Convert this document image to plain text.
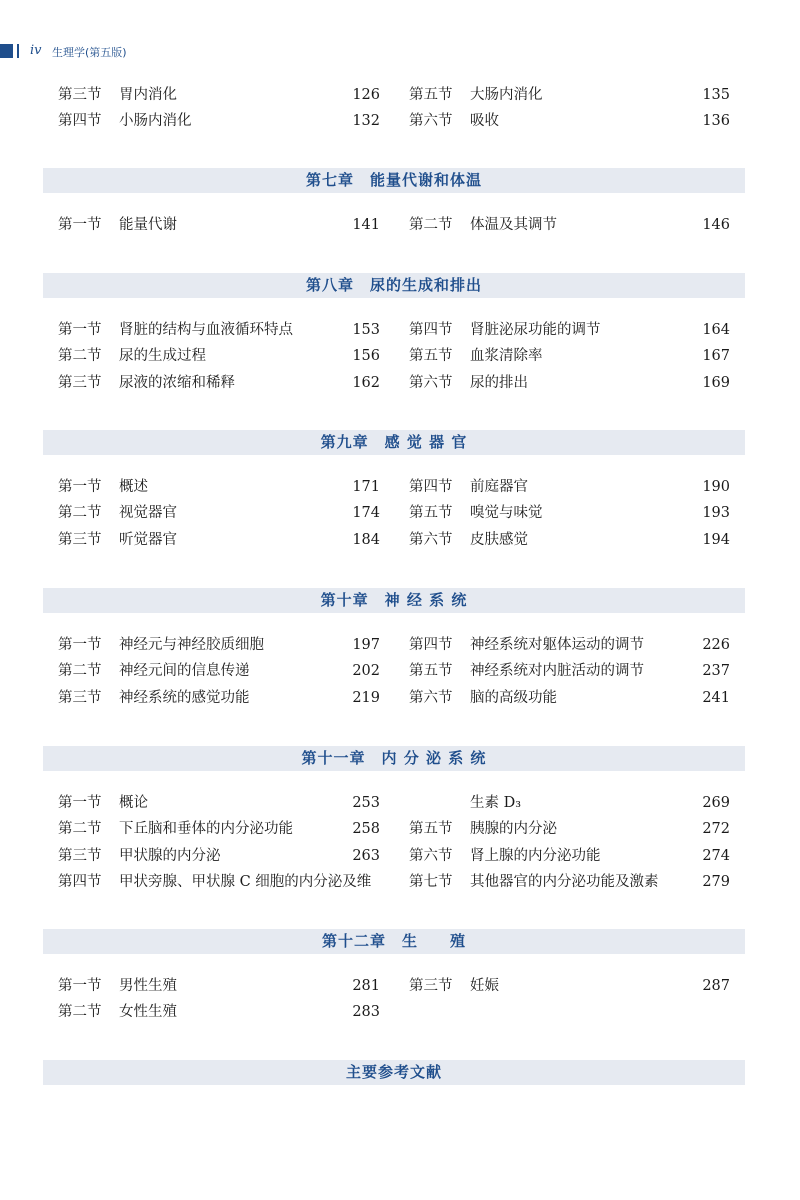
iv 生理学(第五版)
第三节 胃内消化	126 第五节 大肠内消化	135
第四节 小肠内消化	132 第六节 吸收	136
第七章　能量代谢和体温
第一节 能量代谢	141 第二节 体温及其调节	146
第八章　尿的生成和排出
第一节 肾脏的结构与血液循环特点	153 第四节 肾脏泌尿功能的调节	164
第二节 尿的生成过程	156 第五节 血浆清除率	167
第三节 尿液的浓缩和稀释	162 第六节 尿的排出	169
第九章　感 觉 器 官
第一节 概述	171 第四节 前庭器官	190
第二节 视觉器官	174 第五节 嗅觉与味觉	193
第三节 听觉器官	184 第六节 皮肤感觉	194
第十章　神 经 系 统
第一节 神经元与神经胶质细胞	197 第四节 神经系统对躯体运动的调节	226
第二节 神经元间的信息传递	202 第五节 神经系统对内脏活动的调节	237
第三节 神经系统的感觉功能	219 第六节 脑的高级功能	241
第十一章　内 分 泌 系 统
第一节 概论	253	生素 D₃	269
第二节 下丘脑和垂体的内分泌功能	258 第五节 胰腺的内分泌	272
第三节 甲状腺的内分泌	263 第六节 肾上腺的内分泌功能	274
第四节 甲状旁腺、甲状腺 C 细胞的内分泌及维	第七节 其他器官的内分泌功能及激素	279
第十二章　生　　殖
第一节 男性生殖	281 第三节 妊娠	287
第二节 女性生殖	283
主要参考文献
